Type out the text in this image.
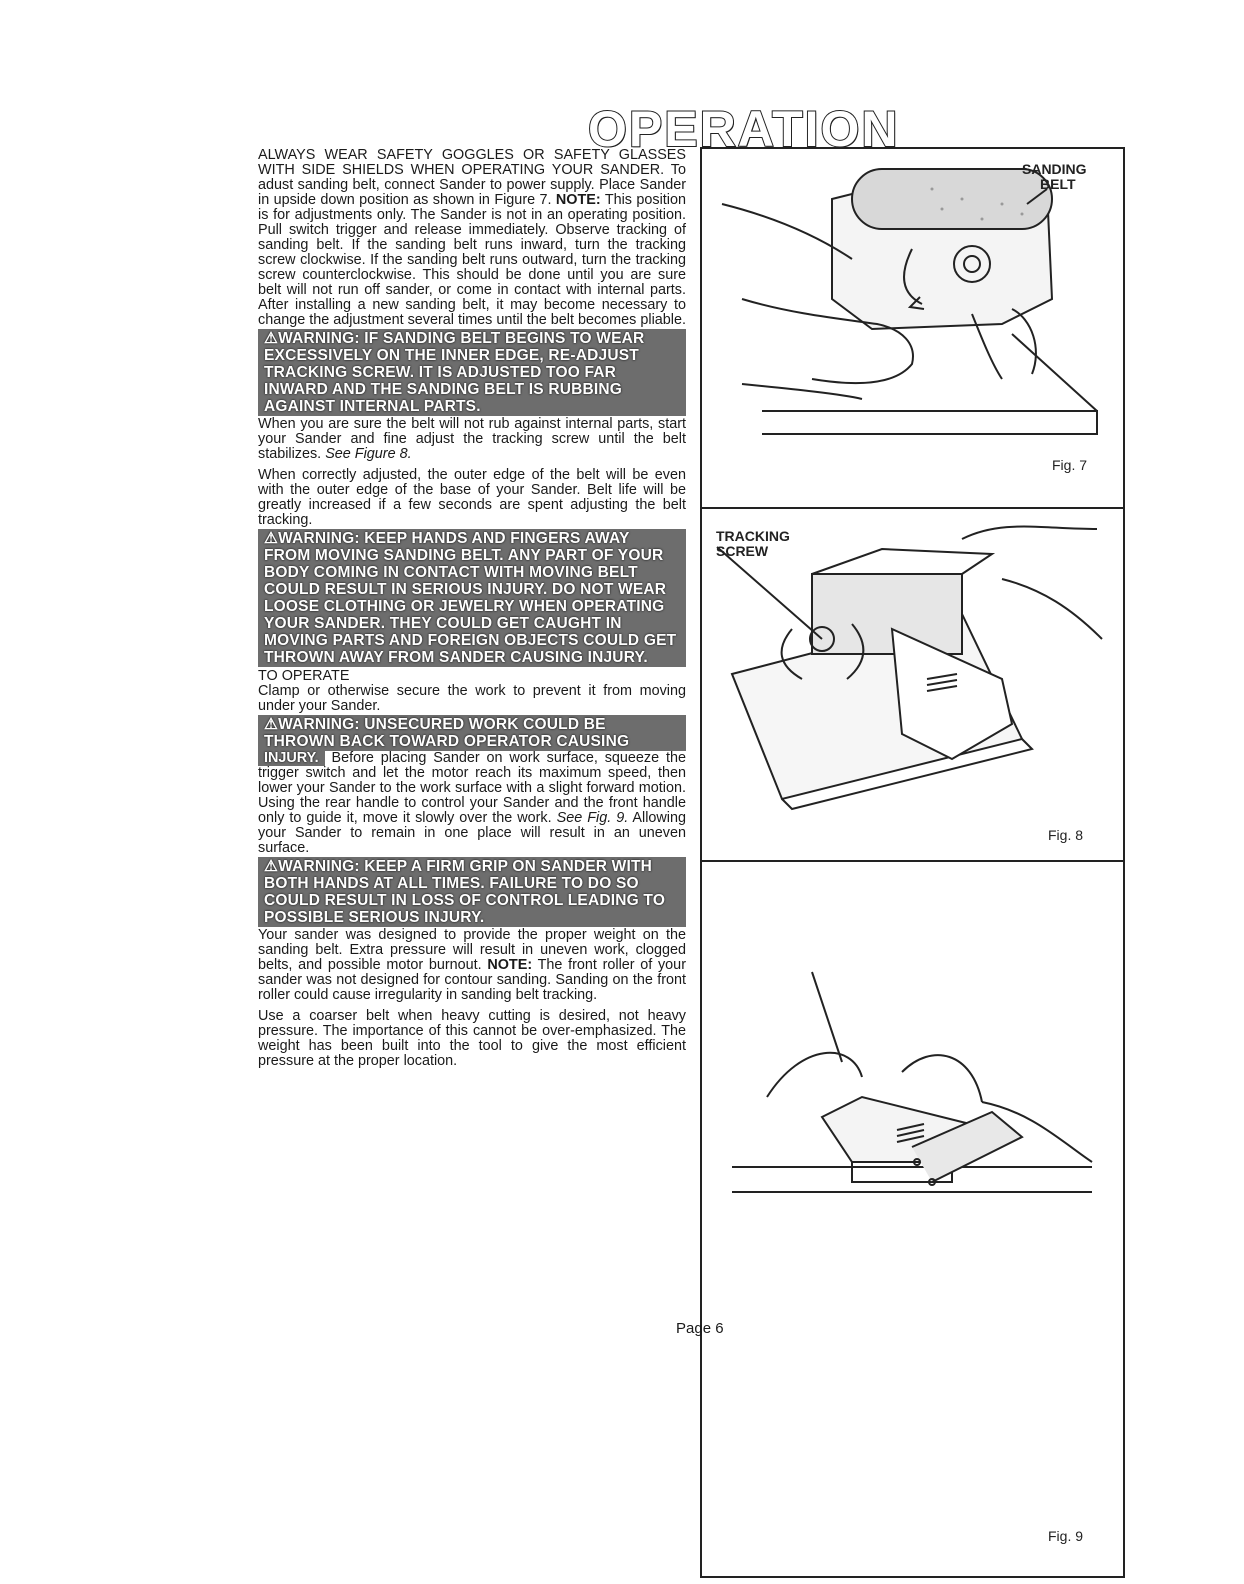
OPERATION

ALWAYS WEAR SAFETY GOGGLES OR SAFETY GLASSES WITH SIDE SHIELDS WHEN OPERATING YOUR SANDER. To adust sanding belt, connect Sander to power supply. Place Sander in upside down position as shown in Figure 7. NOTE: This position is for adjustments only. The Sander is not in an operating position. Pull switch trigger and release immediately. Observe tracking of sanding belt. If the sanding belt runs inward, turn the tracking screw clockwise. If the sanding belt runs outward, turn the tracking screw counterclockwise. This should be done until you are sure belt will not run off sander, or come in contact with internal parts. After installing a new sanding belt, it may become necessary to change the adjustment several times until the belt becomes pliable.

⚠WARNING: IF SANDING BELT BEGINS TO WEAR EXCESSIVELY ON THE INNER EDGE, RE-ADJUST TRACKING SCREW. IT IS ADJUSTED TOO FAR INWARD AND THE SANDING BELT IS RUBBING AGAINST INTERNAL PARTS.

When you are sure the belt will not rub against internal parts, start your Sander and fine adjust the tracking screw until the belt stabilizes. See Figure 8.

When correctly adjusted, the outer edge of the belt will be even with the outer edge of the base of your Sander. Belt life will be greatly increased if a few seconds are spent adjusting the belt tracking.

⚠WARNING: KEEP HANDS AND FINGERS AWAY FROM MOVING SANDING BELT. ANY PART OF YOUR BODY COMING IN CONTACT WITH MOVING BELT COULD RESULT IN SERIOUS INJURY. DO NOT WEAR LOOSE CLOTHING OR JEWELRY WHEN OPERATING YOUR SANDER. THEY COULD GET CAUGHT IN MOVING PARTS AND FOREIGN OBJECTS COULD GET THROWN AWAY FROM SANDER CAUSING INJURY.
TO OPERATE

Clamp or otherwise secure the work to prevent it from moving under your Sander.

⚠WARNING: UNSECURED WORK COULD BE THROWN BACK TOWARD OPERATOR CAUSING

INJURY. Before placing Sander on work surface, squeeze the trigger switch and let the motor reach its maximum speed, then lower your Sander to the work surface with a slight forward motion. Using the rear handle to control your Sander and the front handle only to guide it, move it slowly over the work. See Fig. 9. Allowing your Sander to remain in one place will result in an uneven surface.

⚠WARNING: KEEP A FIRM GRIP ON SANDER WITH BOTH HANDS AT ALL TIMES. FAILURE TO DO SO COULD RESULT IN LOSS OF CONTROL LEADING TO POSSIBLE SERIOUS INJURY.

Your sander was designed to provide the proper weight on the sanding belt. Extra pressure will result in uneven work, clogged belts, and possible motor burnout. NOTE: The front roller of your sander was not designed for contour sanding. Sanding on the front roller could cause irregularity in sanding belt tracking.

Use a coarser belt when heavy cutting is desired, not heavy pressure. The importance of this cannot be over-emphasized. The weight has been built into the tool to give the most efficient pressure at the proper location.

SANDING
BELT
Fig. 7
TRACKING
SCREW
Fig. 8
Fig. 9
Page 6
